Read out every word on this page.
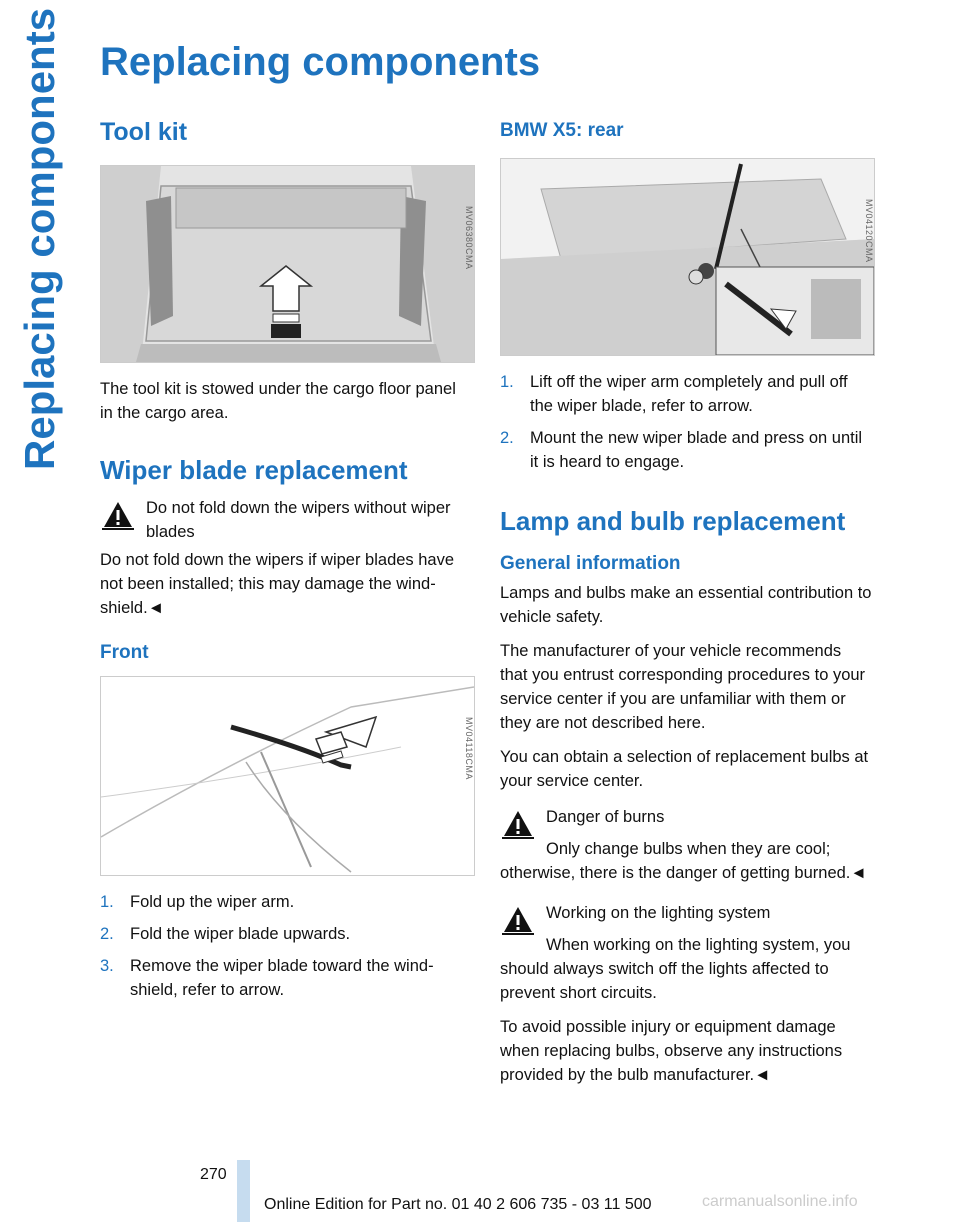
Replacing components Replacing components
Tool kit
MV06380CMA

The tool kit is stowed under the cargo floor panel in the cargo area.

Wiper blade replacement

Do not fold down the wipers without wiper blades

Do not fold down the wipers if wiper blades have not been installed; this may damage the wind-shield.◄

Front
MV04118CMA
1. Fold up the wiper arm.
2. Fold the wiper blade upwards.
3. Remove the wiper blade toward the wind-shield, refer to arrow.
BMW X5: rear
MV04120CMA
1. Lift off the wiper arm completely and pull off the wiper blade, refer to arrow.
2. Mount the new wiper blade and press on until it is heard to engage.
Lamp and bulb replacement
General information

Lamps and bulbs make an essential contribution to vehicle safety.

The manufacturer of your vehicle recommends that you entrust corresponding procedures to your service center if you are unfamiliar with them or they are not described here.

You can obtain a selection of replacement bulbs at your service center.

Danger of burns

Only change bulbs when they are cool; otherwise, there is the danger of getting burned.◄

Working on the lighting system

When working on the lighting system, you should always switch off the lights affected to prevent short circuits.

To avoid possible injury or equipment damage when replacing bulbs, observe any instructions provided by the bulb manufacturer.◄

270
Online Edition for Part no. 01 40 2 606 735 - 03 11 500	carmanualsonline.info
